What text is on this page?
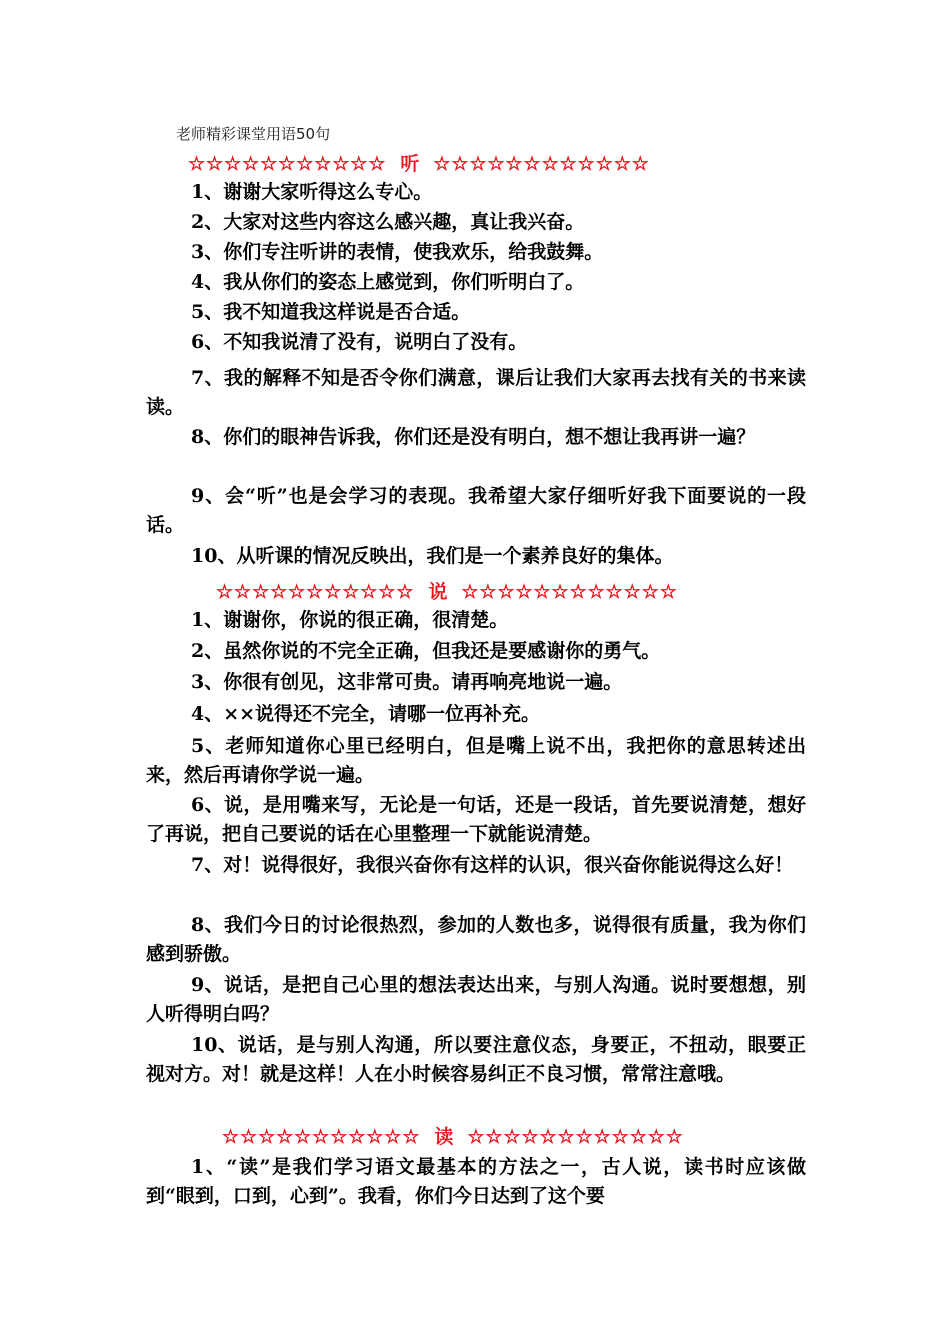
老师精彩课堂用语50句
☆☆☆☆☆☆☆☆☆☆☆ 听 ☆☆☆☆☆☆☆☆☆☆☆☆

1、谢谢大家听得这么专心。

2、大家对这些内容这么感兴趣，真让我兴奋。

3、你们专注听讲的表情，使我欢乐，给我鼓舞。

4、我从你们的姿态上感觉到，你们听明白了。

5、我不知道我这样说是否合适。

6、不知我说清了没有，说明白了没有。

7、我的解释不知是否令你们满意，课后让我们大家再去找有关的书来读读。

8、你们的眼神告诉我，你们还是没有明白，想不想让我再讲一遍？

9、会“听”也是会学习的表现。我希望大家仔细听好我下面要说的一段话。

10、从听课的情况反映出，我们是一个素养良好的集体。

☆☆☆☆☆☆☆☆☆☆☆ 说 ☆☆☆☆☆☆☆☆☆☆☆☆

1、谢谢你，你说的很正确，很清楚。

2、虽然你说的不完全正确，但我还是要感谢你的勇气。

3、你很有创见，这非常可贵。请再响亮地说一遍。

4、××说得还不完全，请哪一位再补充。

5、老师知道你心里已经明白，但是嘴上说不出，我把你的意思转述出来，然后再请你学说一遍。

6、说，是用嘴来写，无论是一句话，还是一段话，首先要说清楚，想好了再说，把自己要说的话在心里整理一下就能说清楚。

7、对！说得很好，我很兴奋你有这样的认识，很兴奋你能说得这么好！

8、我们今日的讨论很热烈，参加的人数也多，说得很有质量，我为你们感到骄傲。

9、说话，是把自己心里的想法表达出来，与别人沟通。说时要想想，别人听得明白吗？

10、说话，是与别人沟通，所以要注意仪态，身要正，不扭动，眼要正视对方。对！就是这样！人在小时候容易纠正不良习惯，常常注意哦。

☆☆☆☆☆☆☆☆☆☆☆ 读 ☆☆☆☆☆☆☆☆☆☆☆☆

1、“读”是我们学习语文最基本的方法之一，古人说，读书时应该做到“眼到，口到，心到”。我看，你们今日达到了这个要
